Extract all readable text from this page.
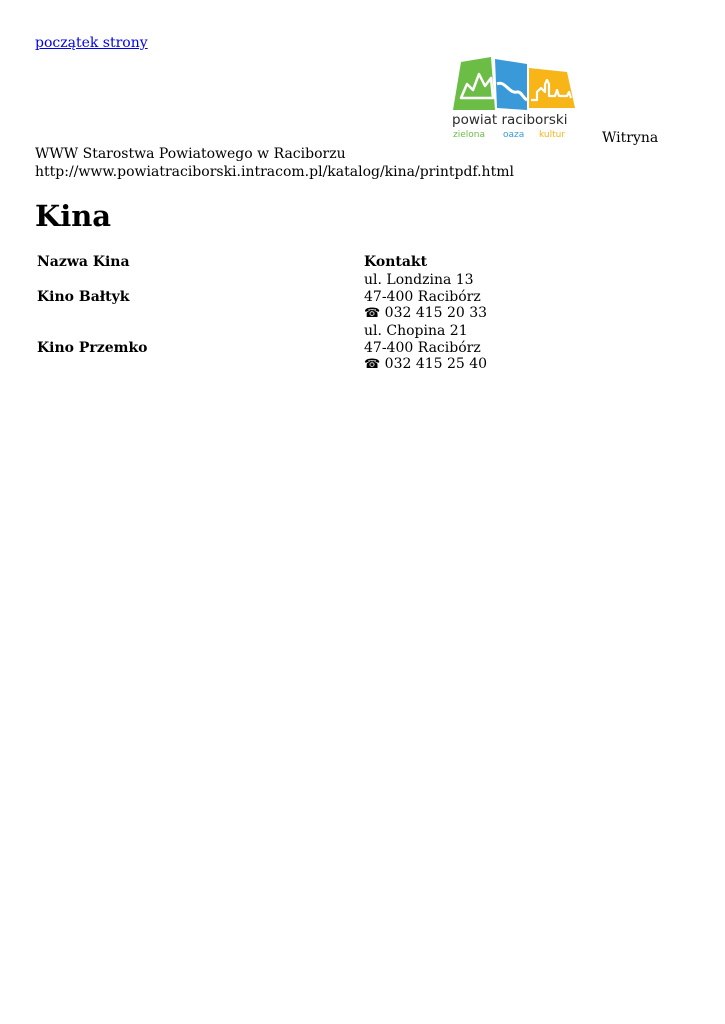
początek strony
powiat raciborski
zielona oaza kultur	Witryna
WWW Starostwa Powiatowego w Raciborzu
http://www.powiatraciborski.intracom.pl/katalog/kina/printpdf.html
Kina
Nazwa Kina	Kontakt
Kino Bałtyk
ul. Londzina 13
47-400 Racibórz
☎ 032 415 20 33
Kino Przemko
ul. Chopina 21
47-400 Racibórz
☎ 032 415 25 40
